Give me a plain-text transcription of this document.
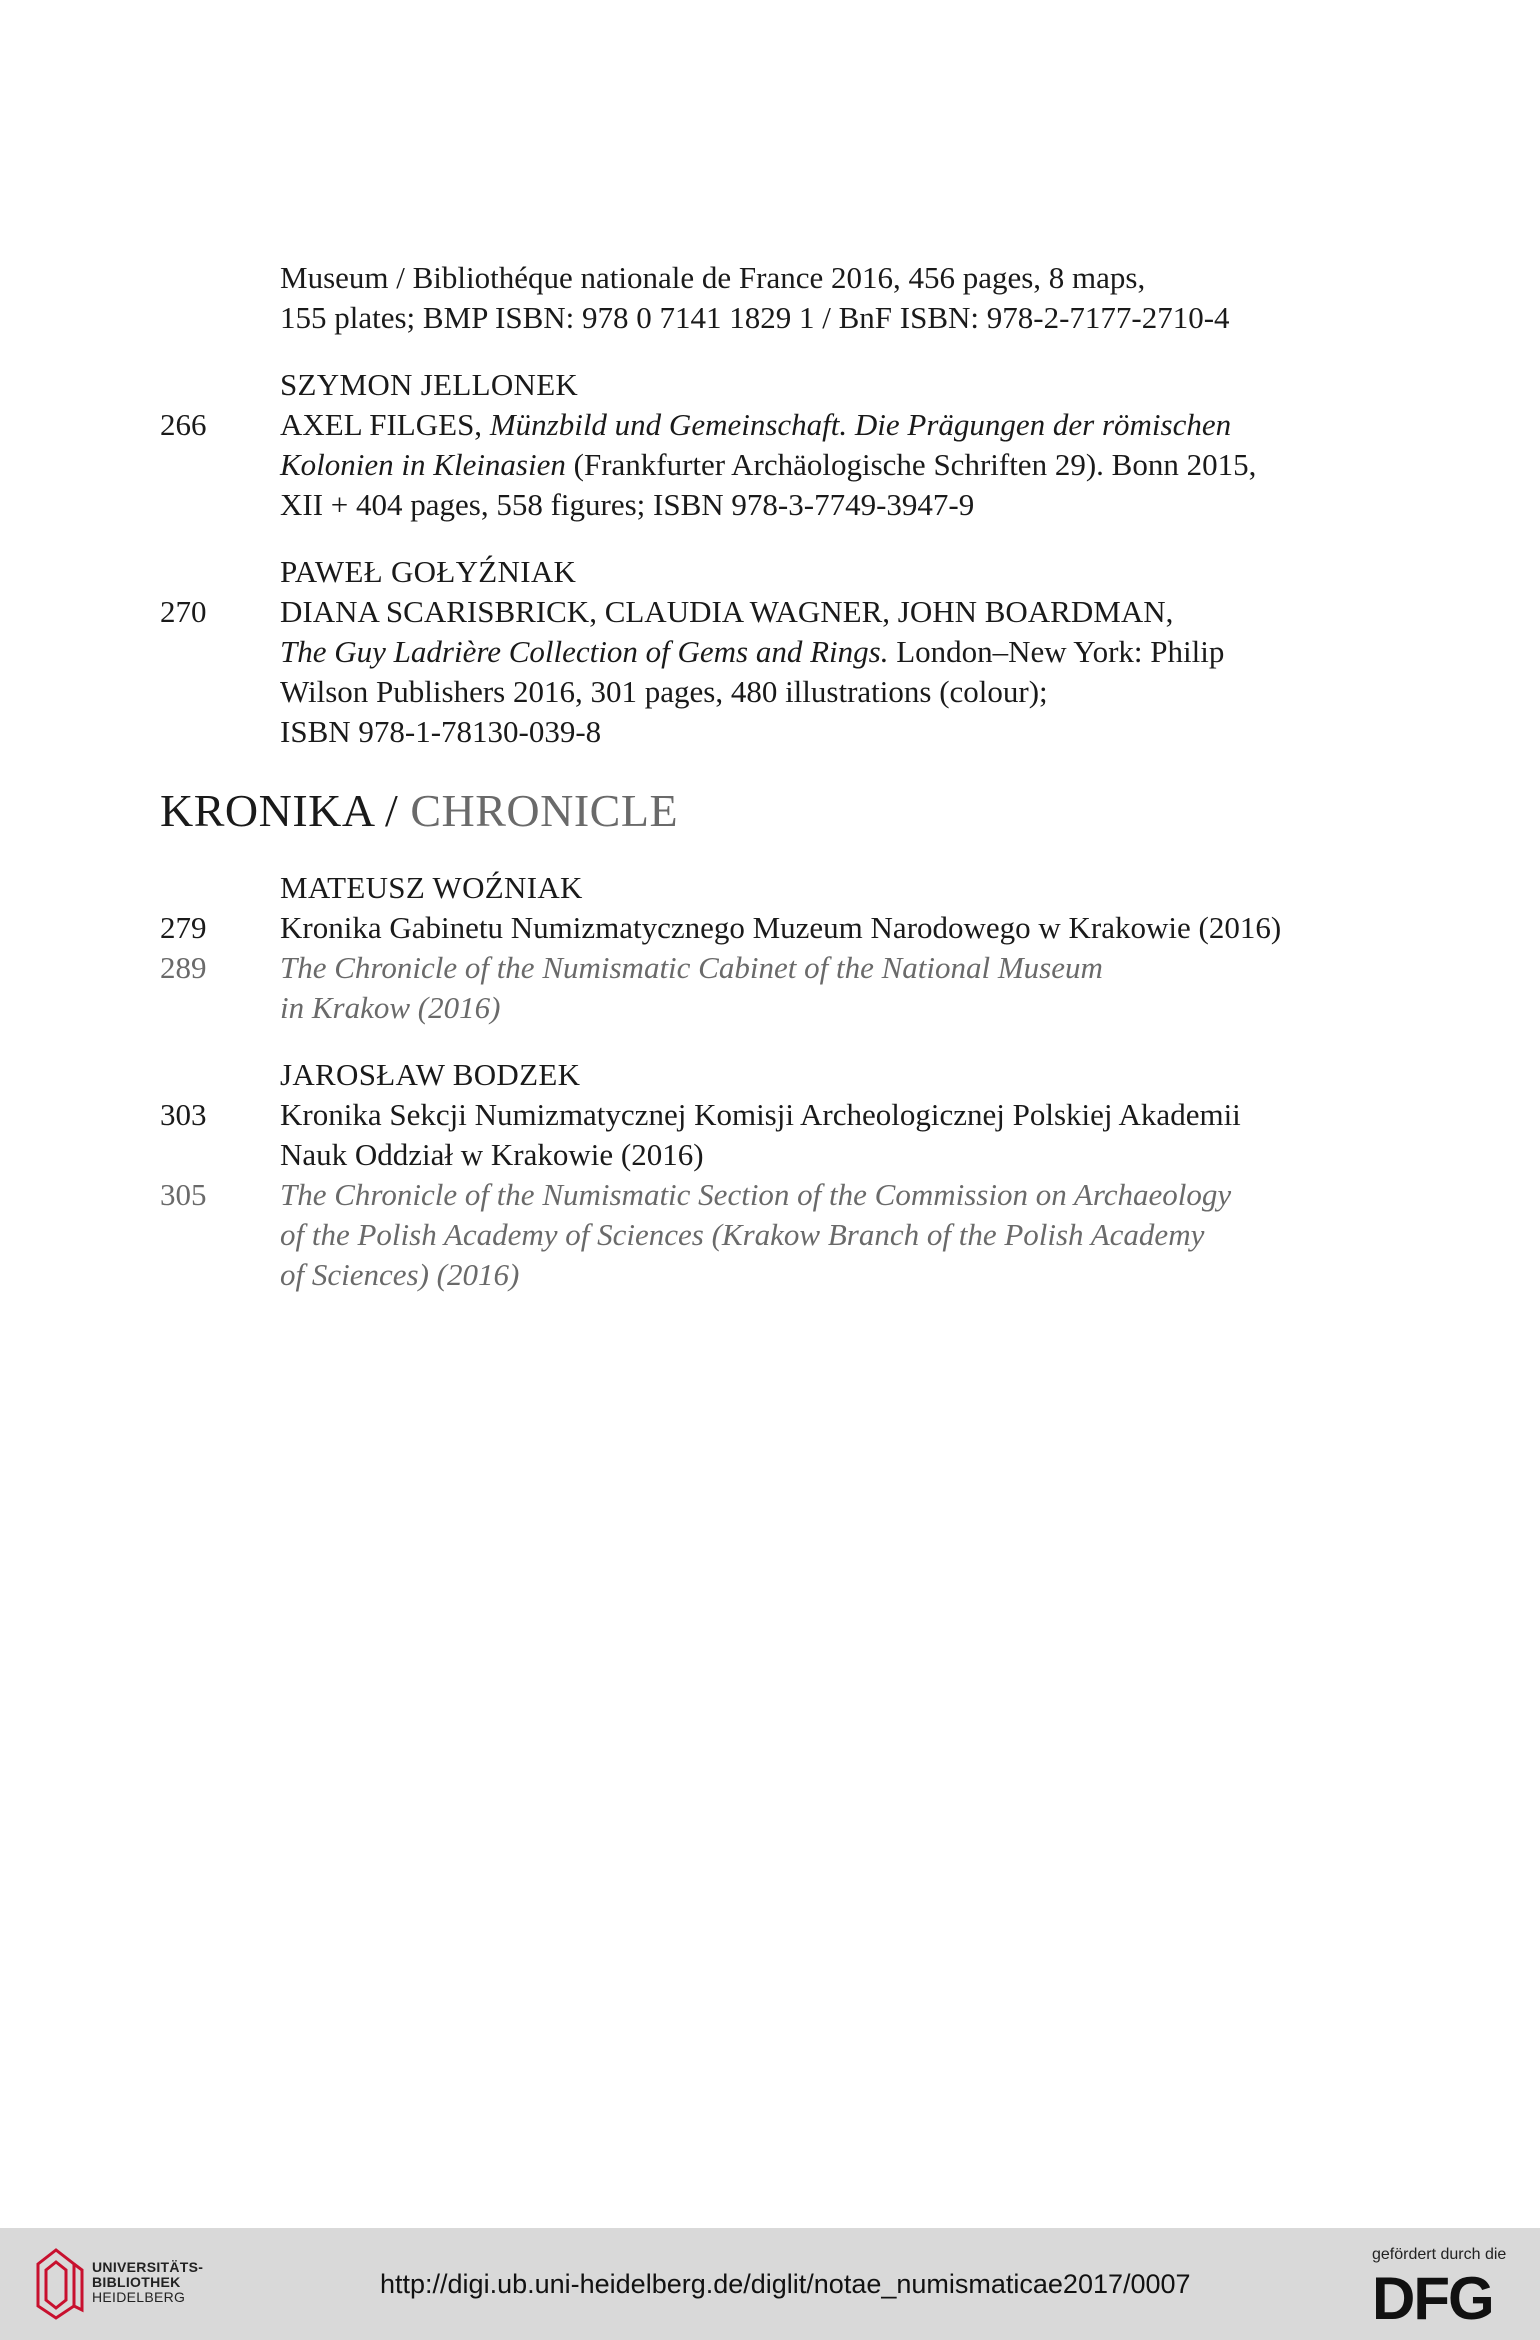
Museum / Bibliothéque nationale de France 2016, 456 pages, 8 maps,
155 plates; BMP ISBN: 978 0 7141 1829 1 / BnF ISBN: 978-2-7177-2710-4
SZYMON JELLONEK
266 AXEL FILGES, Münzbild und Gemeinschaft. Die Prägungen der römischen
Kolonien in Kleinasien (Frankfurter Archäologische Schriften 29). Bonn 2015,
XII + 404 pages, 558 figures; ISBN 978-3-7749-3947-9
PAWEŁ GOŁYŹNIAK
270 DIANA SCARISBRICK, CLAUDIA WAGNER, JOHN BOARDMAN,
The Guy Ladrière Collection of Gems and Rings. London–New York: Philip
Wilson Publishers 2016, 301 pages, 480 illustrations (colour);
ISBN 978-1-78130-039-8
KRONIKA / CHRONICLE
MATEUSZ WOŹNIAK
279 Kronika Gabinetu Numizmatycznego Muzeum Narodowego w Krakowie (2016)
289 The Chronicle of the Numismatic Cabinet of the National Museum
in Krakow (2016)
JAROSŁAW BODZEK
303 Kronika Sekcji Numizmatycznej Komisji Archeologicznej Polskiej Akademii
Nauk Oddział w Krakowie (2016)
305 The Chronicle of the Numismatic Section of the Commission on Archaeology
of the Polish Academy of Sciences (Krakow Branch of the Polish Academy
of Sciences) (2016)
UNIVERSITÄTS-
BIBLIOTHEK
HEIDELBERG	http://digi.ub.uni-heidelberg.de/diglit/notae_numismaticae2017/0007
gefördert durch die
DFG
